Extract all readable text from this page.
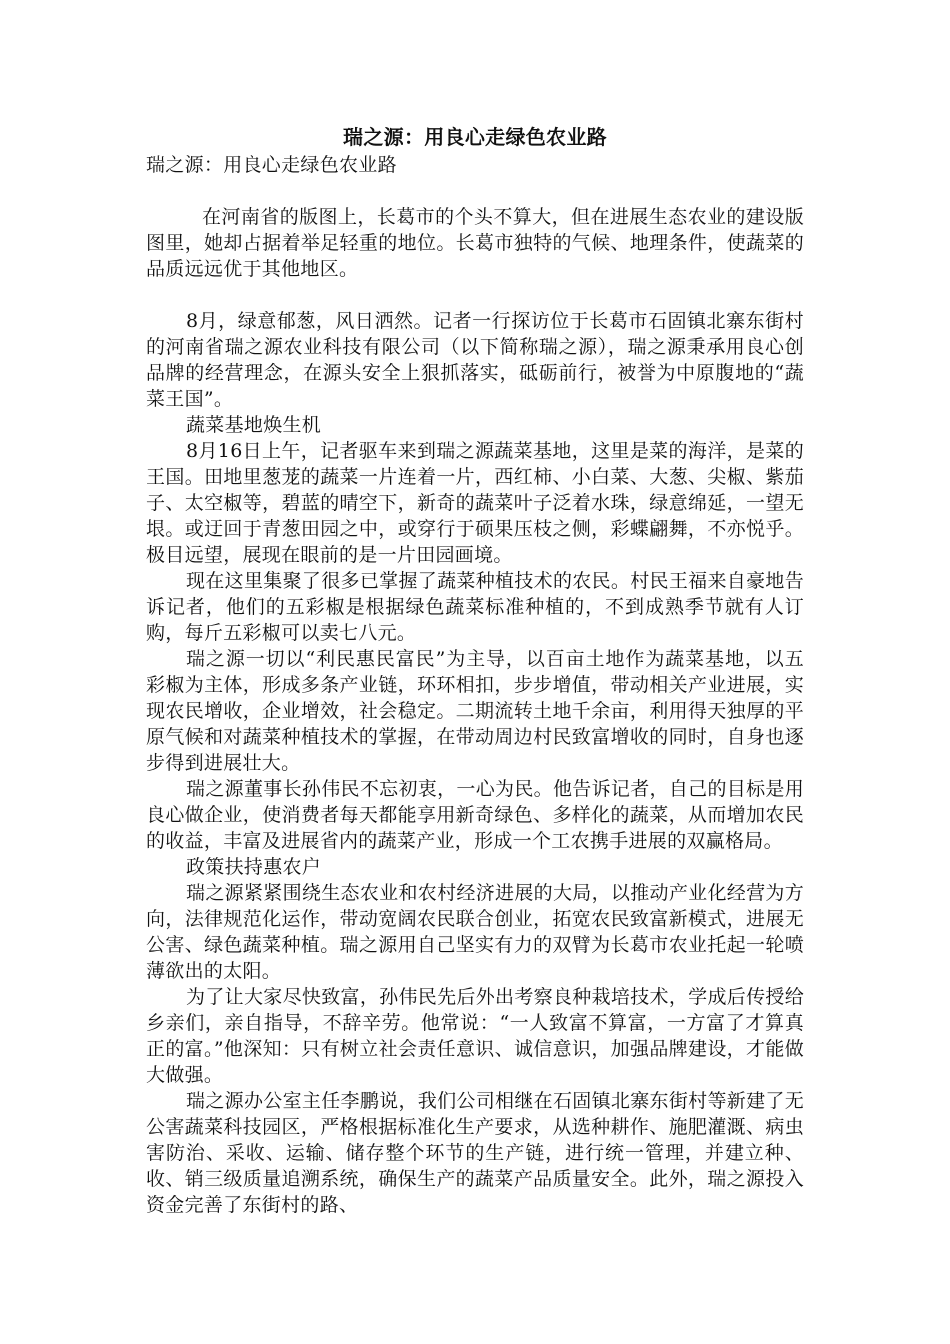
瑞之源：用良心走绿色农业路

瑞之源：用良心走绿色农业路

在河南省的版图上，长葛市的个头不算大，但在进展生态农业的建设版图里，她却占据着举足轻重的地位。长葛市独特的气候、地理条件，使蔬菜的品质远远优于其他地区。

8月，绿意郁葱，风日洒然。记者一行探访位于长葛市石固镇北寨东街村的河南省瑞之源农业科技有限公司（以下简称瑞之源），瑞之源秉承用良心创品牌的经营理念，在源头安全上狠抓落实，砥砺前行，被誉为中原腹地的“蔬菜王国”。

蔬菜基地焕生机

8月16日上午，记者驱车来到瑞之源蔬菜基地，这里是菜的海洋，是菜的王国。田地里葱茏的蔬菜一片连着一片，西红柿、小白菜、大葱、尖椒、紫茄子、太空椒等，碧蓝的晴空下，新奇的蔬菜叶子泛着水珠，绿意绵延，一望无垠。或迂回于青葱田园之中，或穿行于硕果压枝之侧，彩蝶翩舞，不亦悦乎。极目远望，展现在眼前的是一片田园画境。

现在这里集聚了很多已掌握了蔬菜种植技术的农民。村民王福来自豪地告诉记者，他们的五彩椒是根据绿色蔬菜标准种植的，不到成熟季节就有人订购，每斤五彩椒可以卖七八元。

瑞之源一切以“利民惠民富民”为主导，以百亩土地作为蔬菜基地，以五彩椒为主体，形成多条产业链，环环相扣，步步增值，带动相关产业进展，实现农民增收，企业增效，社会稳定。二期流转土地千余亩，利用得天独厚的平原气候和对蔬菜种植技术的掌握，在带动周边村民致富增收的同时，自身也逐步得到进展壮大。

瑞之源董事长孙伟民不忘初衷，一心为民。他告诉记者，自己的目标是用良心做企业，使消费者每天都能享用新奇绿色、多样化的蔬菜，从而增加农民的收益，丰富及进展省内的蔬菜产业，形成一个工农携手进展的双赢格局。

政策扶持惠农户

瑞之源紧紧围绕生态农业和农村经济进展的大局，以推动产业化经营为方向，法律规范化运作，带动宽阔农民联合创业，拓宽农民致富新模式，进展无公害、绿色蔬菜种植。瑞之源用自己坚实有力的双臂为长葛市农业托起一轮喷薄欲出的太阳。

为了让大家尽快致富，孙伟民先后外出考察良种栽培技术，学成后传授给乡亲们，亲自指导，不辞辛劳。他常说：“一人致富不算富，一方富了才算真正的富。”他深知：只有树立社会责任意识、诚信意识，加强品牌建设，才能做大做强。

瑞之源办公室主任李鹏说，我们公司相继在石固镇北寨东街村等新建了无公害蔬菜科技园区，严格根据标准化生产要求，从选种耕作、施肥灌溉、病虫害防治、采收、运输、储存整个环节的生产链，进行统一管理，并建立种、收、销三级质量追溯系统，确保生产的蔬菜产品质量安全。此外，瑞之源投入资金完善了东街村的路、
